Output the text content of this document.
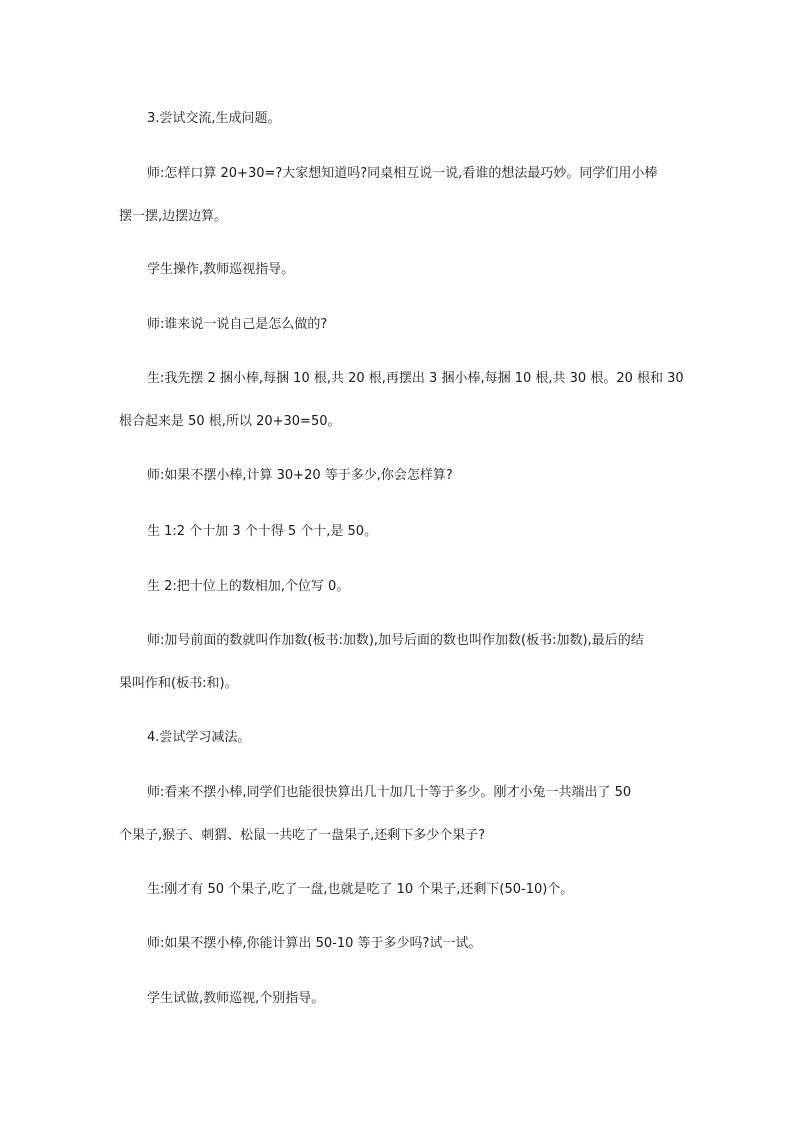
3.尝试交流,生成问题。

师:怎样口算 20+30=?大家想知道吗?同桌相互说一说,看谁的想法最巧妙。同学们用小棒
摆一摆,边摆边算。

学生操作,教师巡视指导。

师:谁来说一说自己是怎么做的?

生:我先摆 2 捆小棒,每捆 10 根,共 20 根,再摆出 3 捆小棒,每捆 10 根,共 30 根。20 根和 30
根合起来是 50 根,所以 20+30=50。

师:如果不摆小棒,计算 30+20 等于多少,你会怎样算?

生 1:2 个十加 3 个十得 5 个十,是 50。

生 2:把十位上的数相加,个位写 0。

师:加号前面的数就叫作加数(板书:加数),加号后面的数也叫作加数(板书:加数),最后的结
果叫作和(板书:和)。

4.尝试学习减法。

师:看来不摆小棒,同学们也能很快算出几十加几十等于多少。刚才小兔一共端出了 50
个果子,猴子、刺猬、松鼠一共吃了一盘果子,还剩下多少个果子?

生:刚才有 50 个果子,吃了一盘,也就是吃了 10 个果子,还剩下(50-10)个。

师:如果不摆小棒,你能计算出 50-10 等于多少吗?试一试。

学生试做,教师巡视,个别指导。
